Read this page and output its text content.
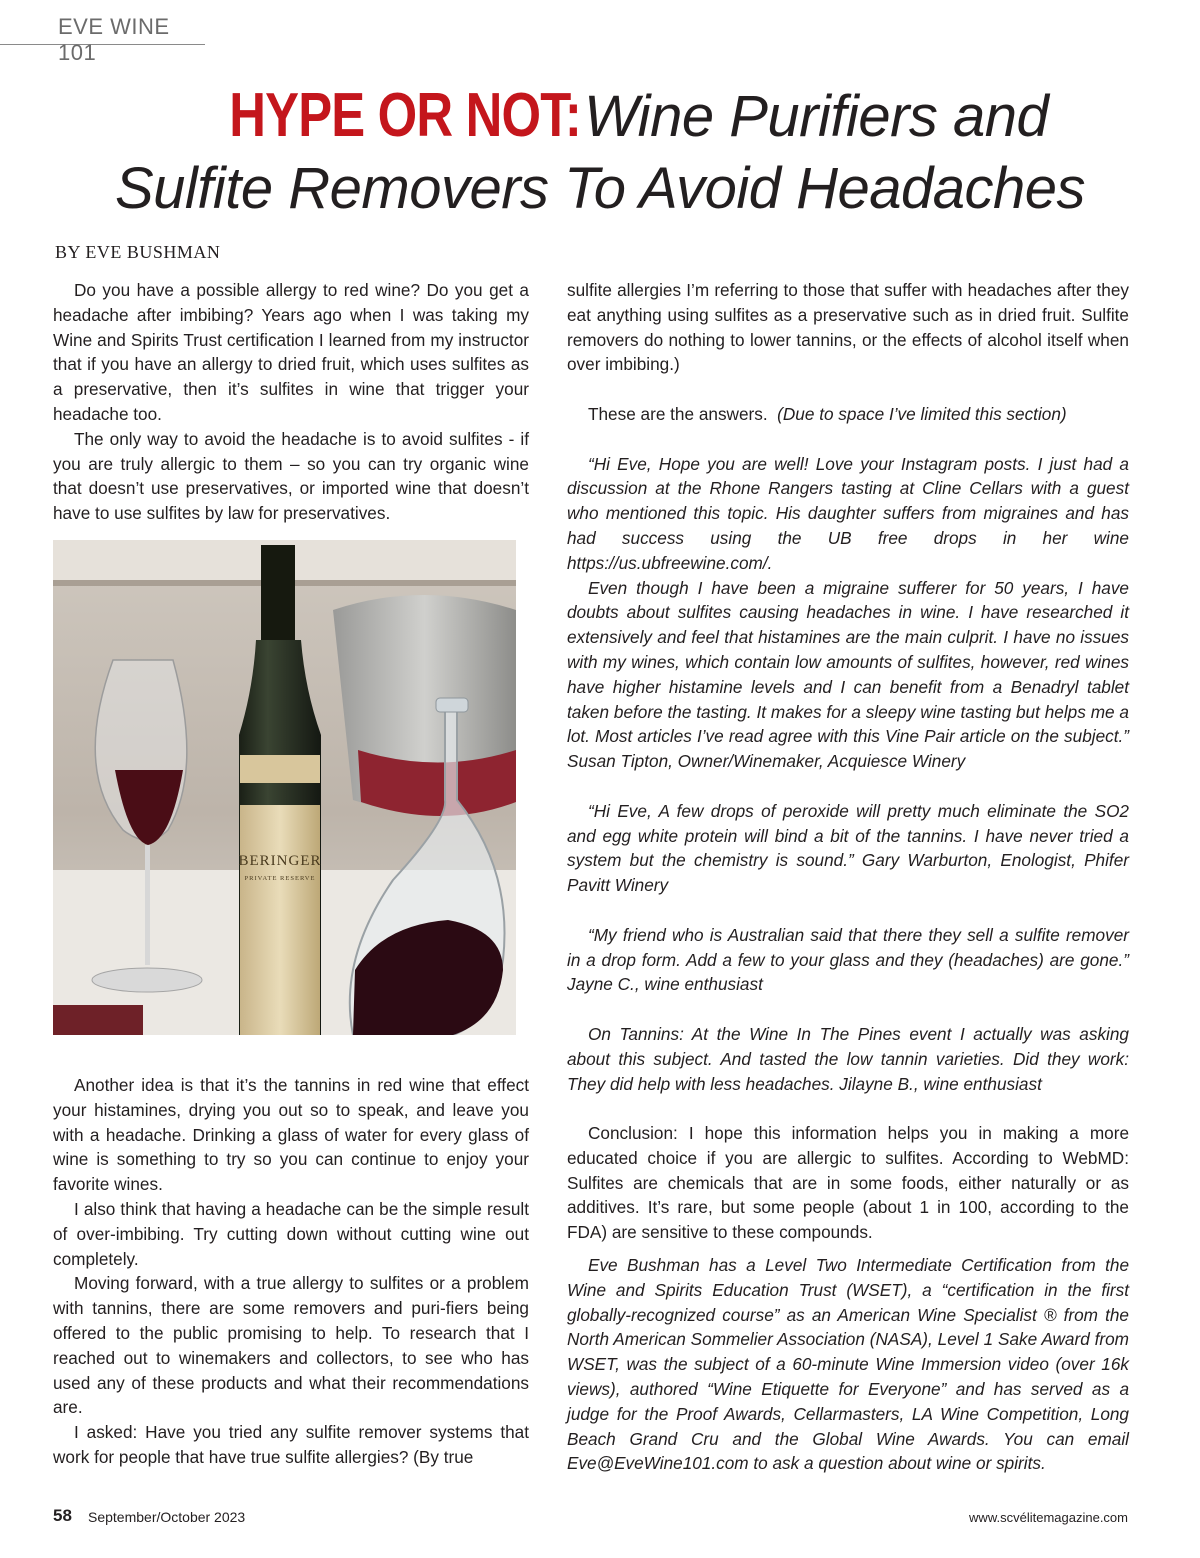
EVE WINE 101
HYPE OR NOT:   Wine Purifiers and
Sulfite Removers To Avoid Headaches
BY EVE BUSHMAN

Do you have a possible allergy to red wine? Do you get a headache after imbibing? Years ago when I was taking my Wine and Spirits Trust certification I learned from my instructor that if you have an allergy to dried fruit, which uses sulfites as a preservative, then it’s sulfites in wine that trigger your headache too.

The only way to avoid the headache is to avoid sulfites - if you are truly allergic to them – so you can try organic wine that doesn’t use preservatives, or imported wine that doesn’t have to use sulfites by law for preservatives.

BERINGER
PRIVATE RESERVE

Another idea is that it’s the tannins in red wine that effect your histamines, drying you out so to speak, and leave you with a headache. Drinking a glass of water for every glass of wine is something to try so you can continue to enjoy your favorite wines.

I also think that having a headache can be the simple result of over-imbibing. Try cutting down without cutting wine out completely.

Moving forward, with a true allergy to sulfites or a problem with tannins, there are some removers and puri-fiers being offered to the public promising to help. To research that I reached out to winemakers and collectors, to see who has used any of these products and what their recommendations are.

I asked: Have you tried any sulfite remover systems that work for people that have true sulfite allergies? (By true

sulfite allergies I’m referring to those that suffer with headaches after they eat anything using sulfites as a preservative such as in dried fruit. Sulfite removers do nothing to lower tannins, or the effects of alcohol itself when over imbibing.)

These are the answers. (Due to space I’ve limited this section)

“Hi Eve, Hope you are well! Love your Instagram posts. I just had a discussion at the Rhone Rangers tasting at Cline Cellars with a guest who mentioned this topic. His daughter suffers from migraines and has had success using the UB free drops in her wine https://us.ubfreewine.com/.

Even though I have been a migraine sufferer for 50 years, I have doubts about sulfites causing headaches in wine. I have researched it extensively and feel that histamines are the main culprit. I have no issues with my wines, which contain low amounts of sulfites, however, red wines have higher histamine levels and I can benefit from a Benadryl tablet taken before the tasting. It makes for a sleepy wine tasting but helps me a lot. Most articles I’ve read agree with this Vine Pair article on the subject.” Susan Tipton, Owner/Winemaker, Acquiesce Winery

“Hi Eve, A few drops of peroxide will pretty much eliminate the SO2 and egg white protein will bind a bit of the tannins. I have never tried a system but the chemistry is sound.” Gary Warburton, Enologist, Phifer Pavitt Winery

“My friend who is Australian said that there they sell a sulfite remover in a drop form. Add a few to your glass and they (headaches) are gone.” Jayne C., wine enthusiast

On Tannins: At the Wine In The Pines event I actually was asking about this subject. And tasted the low tannin varieties. Did they work: They did help with less headaches. Jilayne B., wine enthusiast

Conclusion: I hope this information helps you in making a more educated choice if you are allergic to sulfites. According to WebMD: Sulfites are chemicals that are in some foods, either naturally or as additives. It’s rare, but some people (about 1 in 100, according to the FDA) are sensitive to these compounds.

Eve Bushman has a Level Two Intermediate Certification from the Wine and Spirits Education Trust (WSET), a “certification in the first globally-recognized course” as an American Wine Specialist ® from the North American Sommelier Association (NASA), Level 1 Sake Award from WSET, was the subject of a 60-minute Wine Immersion video (over 16k views), authored “Wine Etiquette for Everyone” and has served as a judge for the Proof Awards, Cellarmasters, LA Wine Competition, Long Beach Grand Cru and the Global Wine Awards. You can email Eve@EveWine101.com to ask a question about wine or spirits.

58 September/October 2023	www.scvélitemagazine.com
